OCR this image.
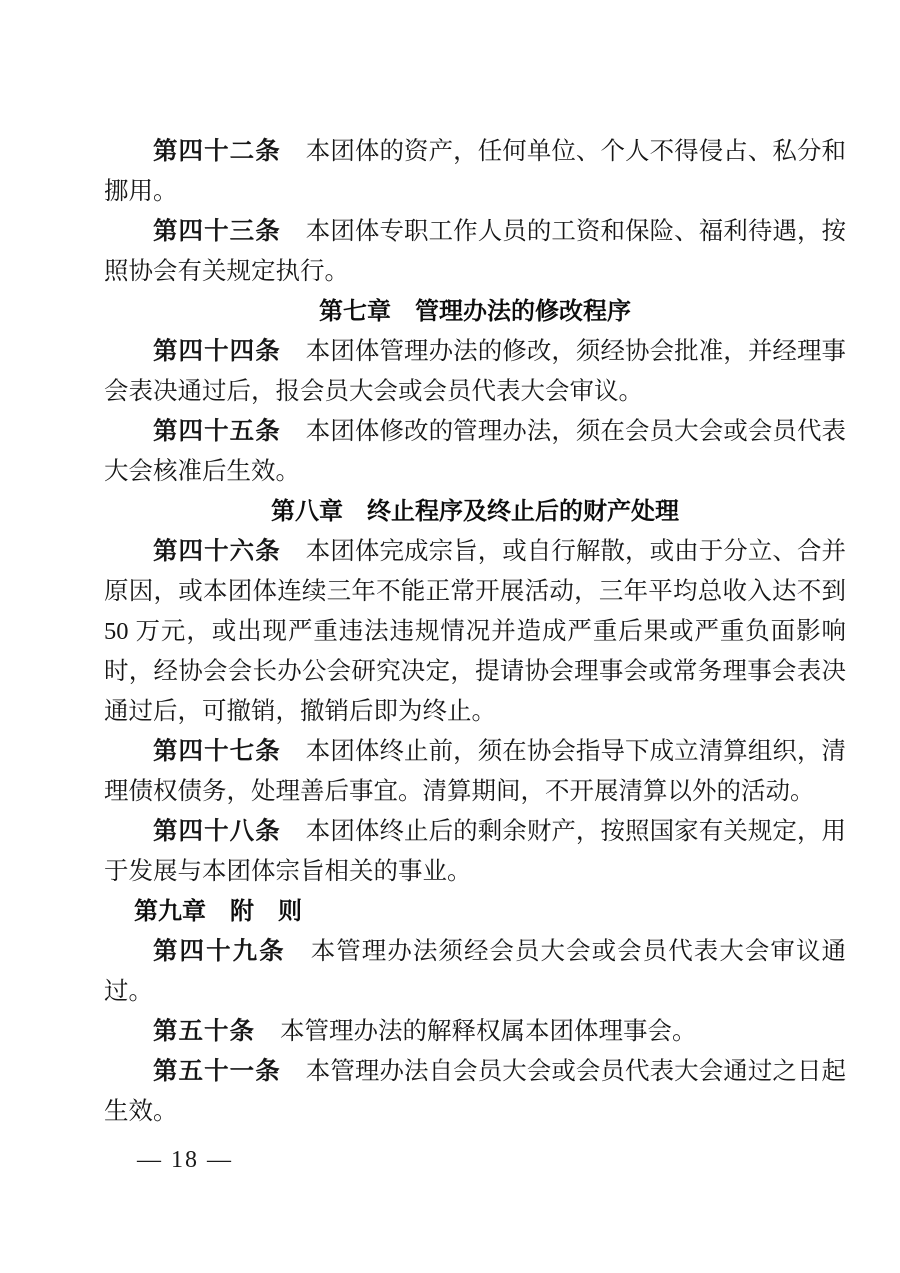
第四十二条 本团体的资产，任何单位、个人不得侵占、私分和挪用。

第四十三条 本团体专职工作人员的工资和保险、福利待遇，按照协会有关规定执行。

第七章　管理办法的修改程序

第四十四条 本团体管理办法的修改，须经协会批准，并经理事会表决通过后，报会员大会或会员代表大会审议。

第四十五条 本团体修改的管理办法，须在会员大会或会员代表大会核准后生效。

第八章　终止程序及终止后的财产处理

第四十六条 本团体完成宗旨，或自行解散，或由于分立、合并原因，或本团体连续三年不能正常开展活动，三年平均总收入达不到 50 万元，或出现严重违法违规情况并造成严重后果或严重负面影响时，经协会会长办公会研究决定，提请协会理事会或常务理事会表决通过后，可撤销，撤销后即为终止。

第四十七条 本团体终止前，须在协会指导下成立清算组织，清理债权债务，处理善后事宜。清算期间，不开展清算以外的活动。

第四十八条 本团体终止后的剩余财产，按照国家有关规定，用于发展与本团体宗旨相关的事业。

第九章　附　则

第四十九条 本管理办法须经会员大会或会员代表大会审议通过。

第五十条 本管理办法的解释权属本团体理事会。

第五十一条 本管理办法自会员大会或会员代表大会通过之日起生效。

— 18 —
